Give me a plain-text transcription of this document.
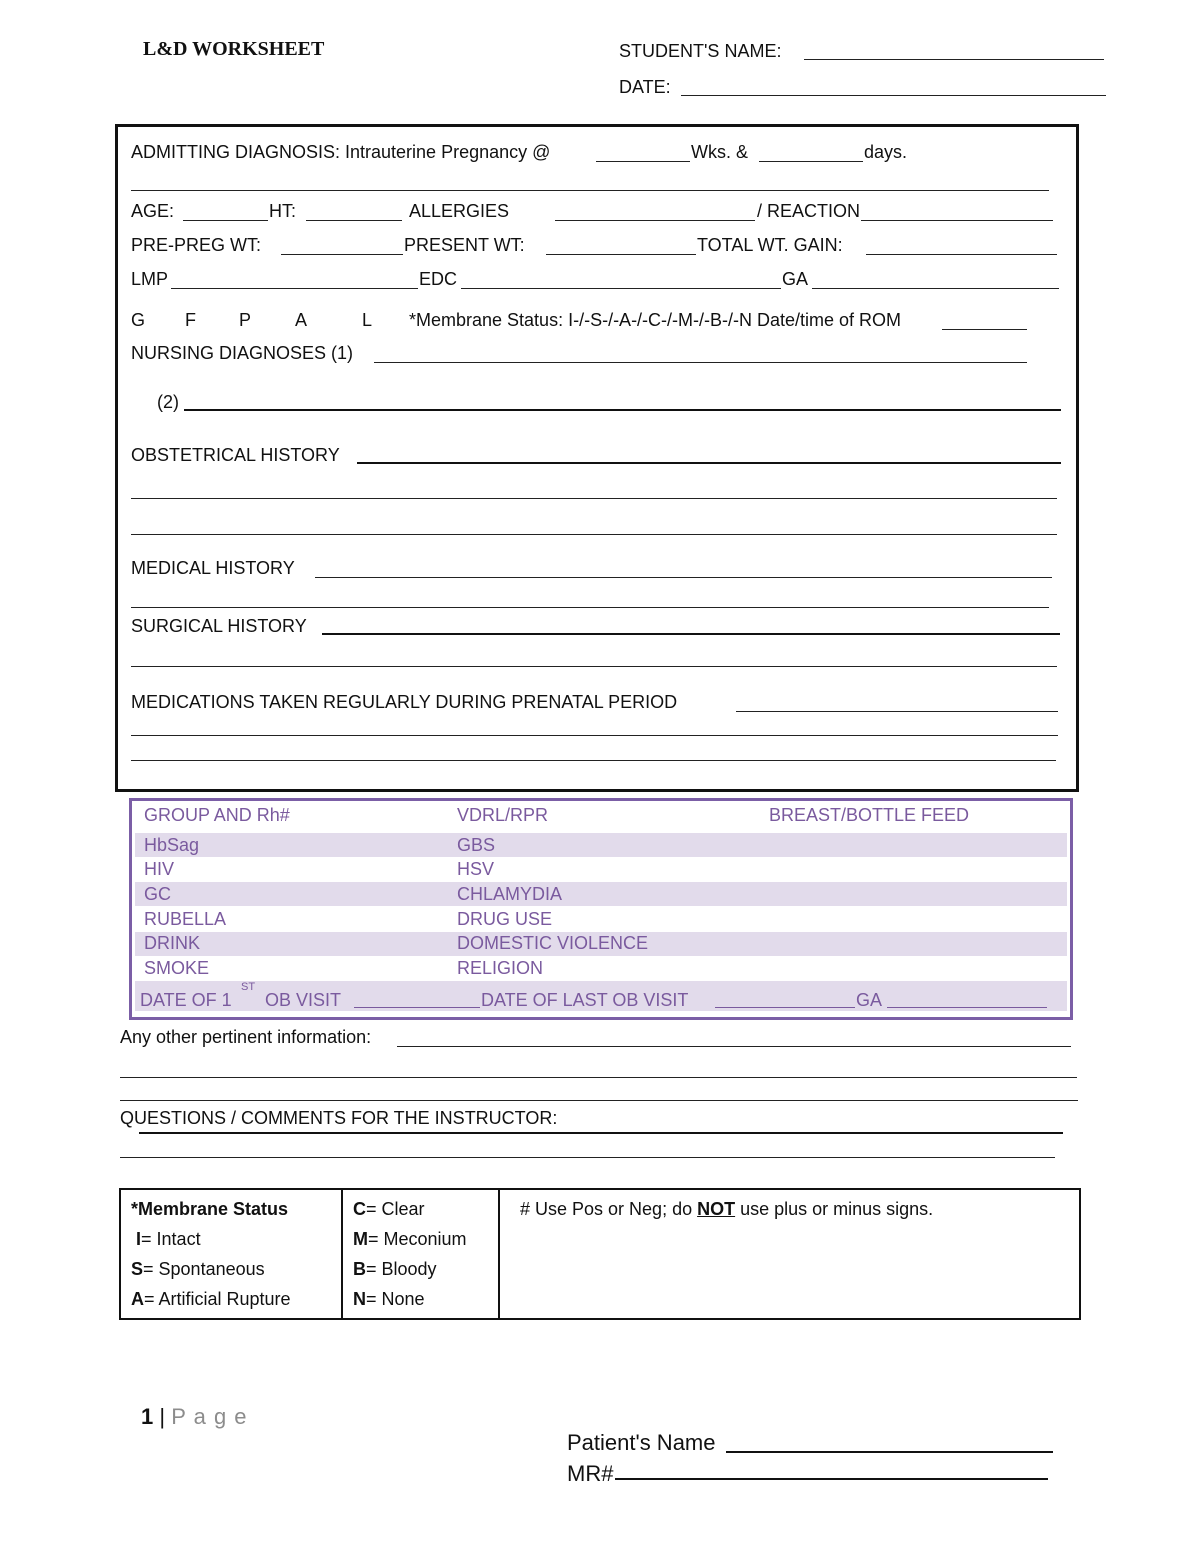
L&D WORKSHEET	STUDENT'S NAME:
DATE:
ADMITTING DIAGNOSIS: Intrauterine Pregnancy @	Wks. &	days.
AGE:	HT:	ALLERGIES	/ REACTION
PRE-PREG WT:	PRESENT WT:	TOTAL WT. GAIN:
LMP	EDC	GA
G F P A	L *Membrane Status: I-/-S-/-A-/-C-/-M-/-B-/-N Date/time of ROM
NURSING DIAGNOSES (1)
(2)
OBSTETRICAL HISTORY
MEDICAL HISTORY
SURGICAL HISTORY
MEDICATIONS TAKEN REGULARLY DURING PRENATAL PERIOD
GROUP AND Rh#	VDRL/RPR	BREAST/BOTTLE FEED
HbSag	GBS
HIV	HSV
GC	CHLAMYDIA
RUBELLA	DRUG USE
DRINK	DOMESTIC VIOLENCE
SMOKE	RELIGION
DATE OF 1
ST
OB VISIT	DATE OF LAST OB VISIT	GA
Any other pertinent information:
QUESTIONS / COMMENTS FOR THE INSTRUCTOR:
*Membrane Status
I= Intact
S= Spontaneous
A= Artificial Rupture

C= Clear
M= Meconium
B= Bloody
N= None

# Use Pos or Neg; do NOT use plus or minus signs.
1 | P a g e
Patient's Name
MR#
